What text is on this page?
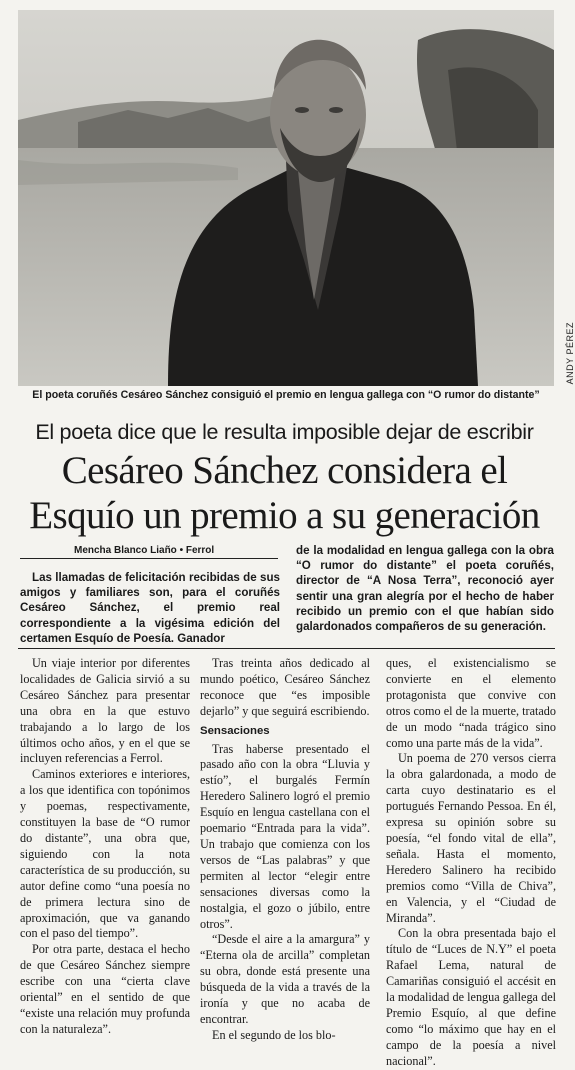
ANDY PÉREZ
El poeta coruñés Cesáreo Sánchez consiguió el premio en lengua gallega con “O rumor do distante”
El poeta dice que le resulta imposible dejar de escribir
Cesáreo Sánchez considera el
Esquío un premio a su generación
Mencha Blanco Liaño • Ferrol
Las llamadas de felicitación recibidas de sus amigos y familiares son, para el coruñés Cesáreo Sánchez, el premio real correspondiente a la vigésima edición del certamen Esquío de Poesía. Ganador
de la modalidad en lengua gallega con la obra “O rumor do distante” el poeta coruñés, director de “A Nosa Terra”, reconoció ayer sentir una gran alegría por el hecho de haber recibido un premio con el que habían sido galardonados compañeros de su generación.

Un viaje interior por diferentes localidades de Galicia sirvió a su Cesáreo Sánchez para presentar una obra en la que estuvo trabajando a lo largo de los últimos ocho años, y en el que se incluyen referencias a Ferrol.

Caminos exteriores e interiores, a los que identifica con topónimos y poemas, respectivamente, constituyen la base de “O rumor do distante”, una obra que, siguiendo con la nota característica de su producción, su autor define como “una poesía no de primera lectura sino de aproximación, que va ganando con el paso del tiempo”.

Por otra parte, destaca el hecho de que Cesáreo Sánchez siempre escribe con una “cierta clave oriental” en el sentido de que “existe una relación muy profunda con la naturaleza”.

Tras treinta años dedicado al mundo poético, Cesáreo Sánchez reconoce que “es imposible dejarlo” y que seguirá escribiendo.

Sensaciones

Tras haberse presentado el pasado año con la obra “Lluvia y estío”, el burgalés Fermín Heredero Salinero logró el premio Esquío en lengua castellana con el poemario “Entrada para la vida”. Un trabajo que comienza con los versos de “Las palabras” y que permiten al lector “elegir entre sensaciones diversas como la nostalgia, el gozo o júbilo, entre otros”.

“Desde el aire a la amargura” y “Eterna ola de arcilla” completan su obra, donde está presente una búsqueda de la vida a través de la ironía y que no acaba de encontrar.

En el segundo de los blo-

ques, el existencialismo se convierte en el elemento protagonista que convive con otros como el de la muerte, tratado de un modo “nada trágico sino como una parte más de la vida”.

Un poema de 270 versos cierra la obra galardonada, a modo de carta cuyo destinatario es el portugués Fernando Pessoa. En él, expresa su opinión sobre su poesía, “el fondo vital de ella”, señala. Hasta el momento, Heredero Salinero ha recibido premios como “Villa de Chiva”, en Valencia, y el “Ciudad de Miranda”.

Con la obra presentada bajo el título de “Luces de N.Y” el poeta Rafael Lema, natural de Camariñas consiguió el accésit en la modalidad de lengua gallega del Premio Esquío, al que define como “lo máximo que hay en el campo de la poesía a nivel nacional”.
